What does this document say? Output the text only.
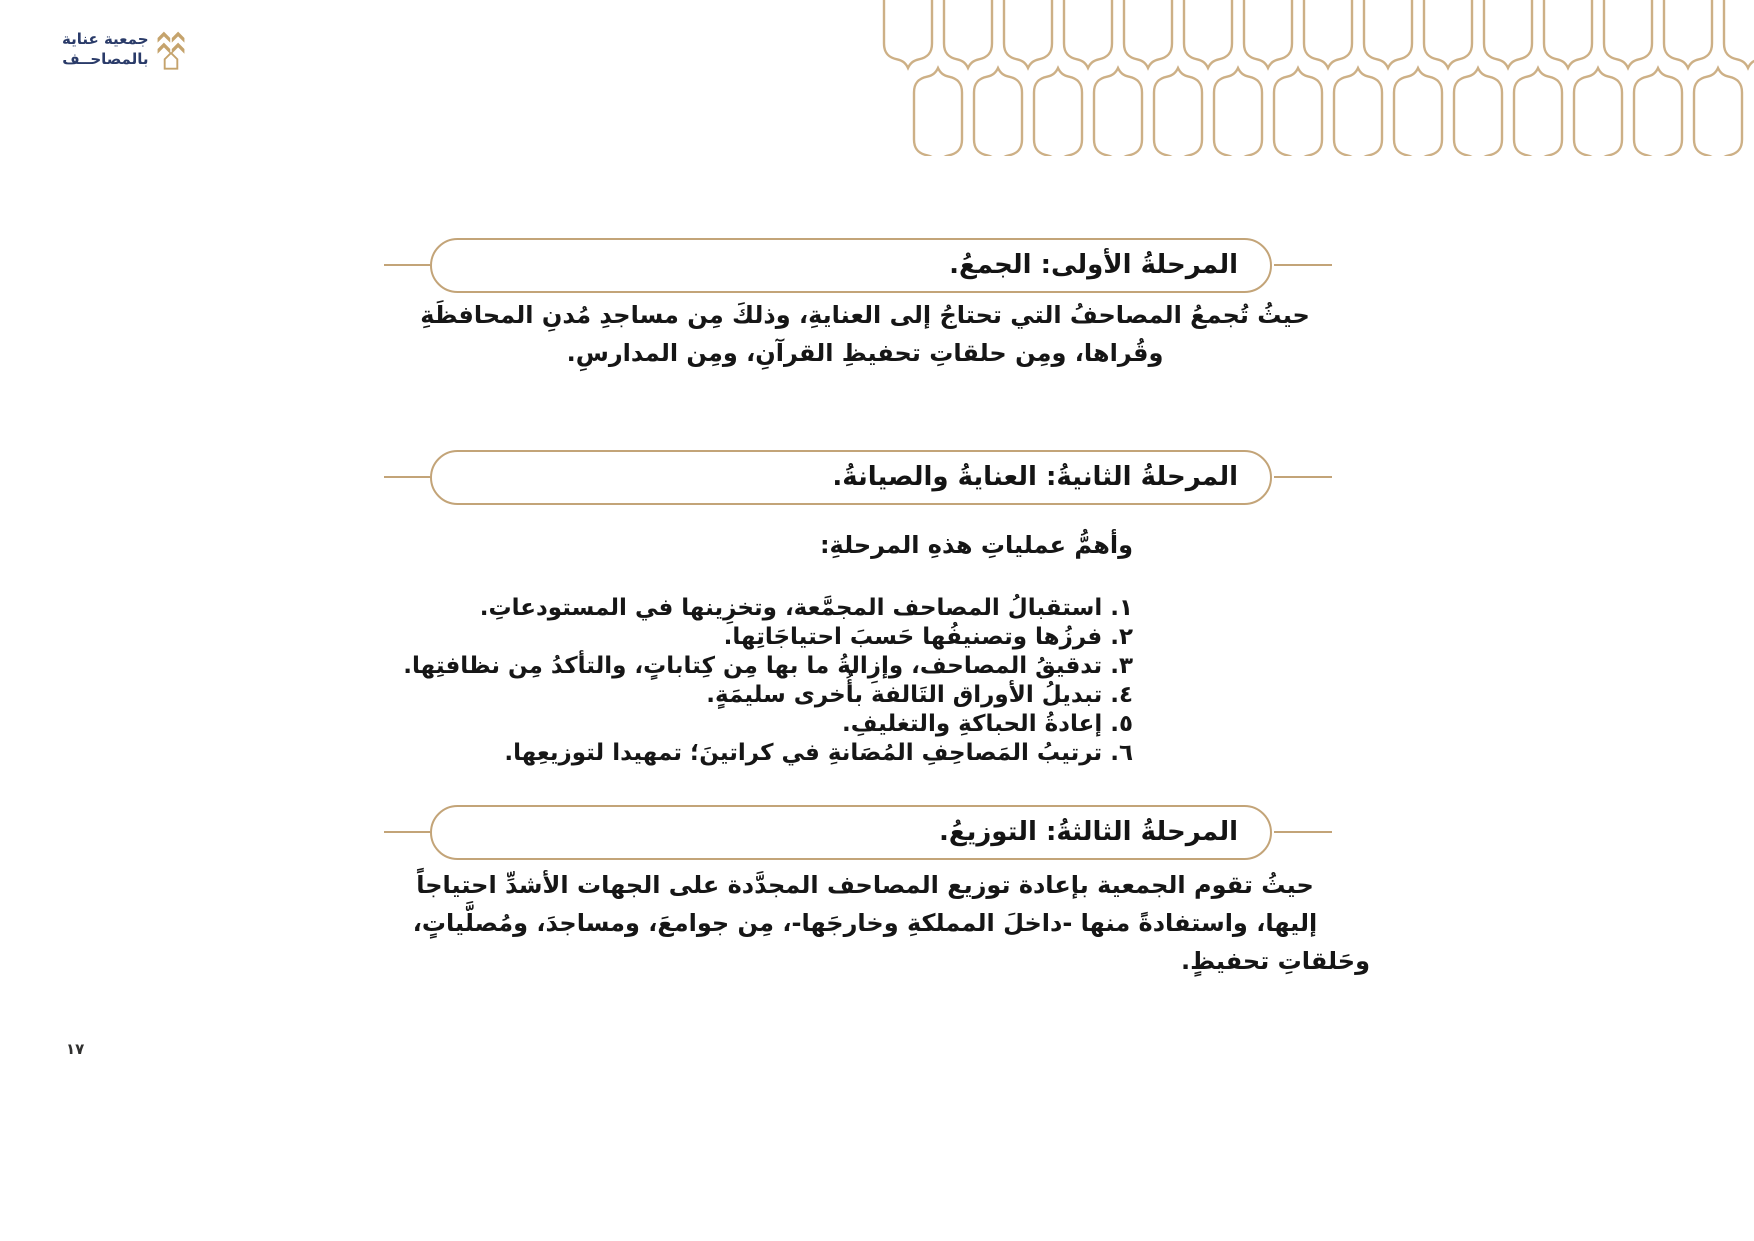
جمعية عناية
بالمصاحــف
المرحلةُ الأولى: الجمعُ.
حيثُ تُجمعُ المصاحفُ التي تحتاجُ إلى العنايةِ، وذلكَ مِن مساجدِ مُدنِ المحافظَةِ
وقُراها، ومِن حلقاتِ تحفيظِ القرآنِ، ومِن المدارسِ.
المرحلةُ الثانيةُ: العنايةُ والصيانةُ.
وأهمُّ عملياتِ هذهِ المرحلةِ:
١. استقبالُ المصاحف المجمَّعة، وتخزِينها في المستودعاتِ.
٢. فرزُها وتصنيفُها حَسبَ احتياجَاتِها.
٣. تدقيقُ المصاحف، وإزِالةُ ما بها مِن كِتاباتٍ، والتأكدُ مِن نظافتِها.
٤. تبديلُ الأوراق التَالفة بأُخرى سليمَةٍ.
٥. إعادةُ الحباكةِ والتغليفِ.
٦. ترتيبُ المَصاحِفِ المُصَانةِ في كراتينَ؛ تمهيدا لتوزيعِها.
المرحلةُ الثالثةُ: التوزيعُ.
حيثُ تقوم الجمعية بإعادة توزيع المصاحف المجدَّدة على الجهات الأشدِّ احتياجاً
إليها، واستفادةً منها -داخلَ المملكةِ وخارجَها-، مِن جوامعَ، ومساجدَ، ومُصلَّياتٍ،
وحَلقاتِ تحفيظٍ.
١٧
